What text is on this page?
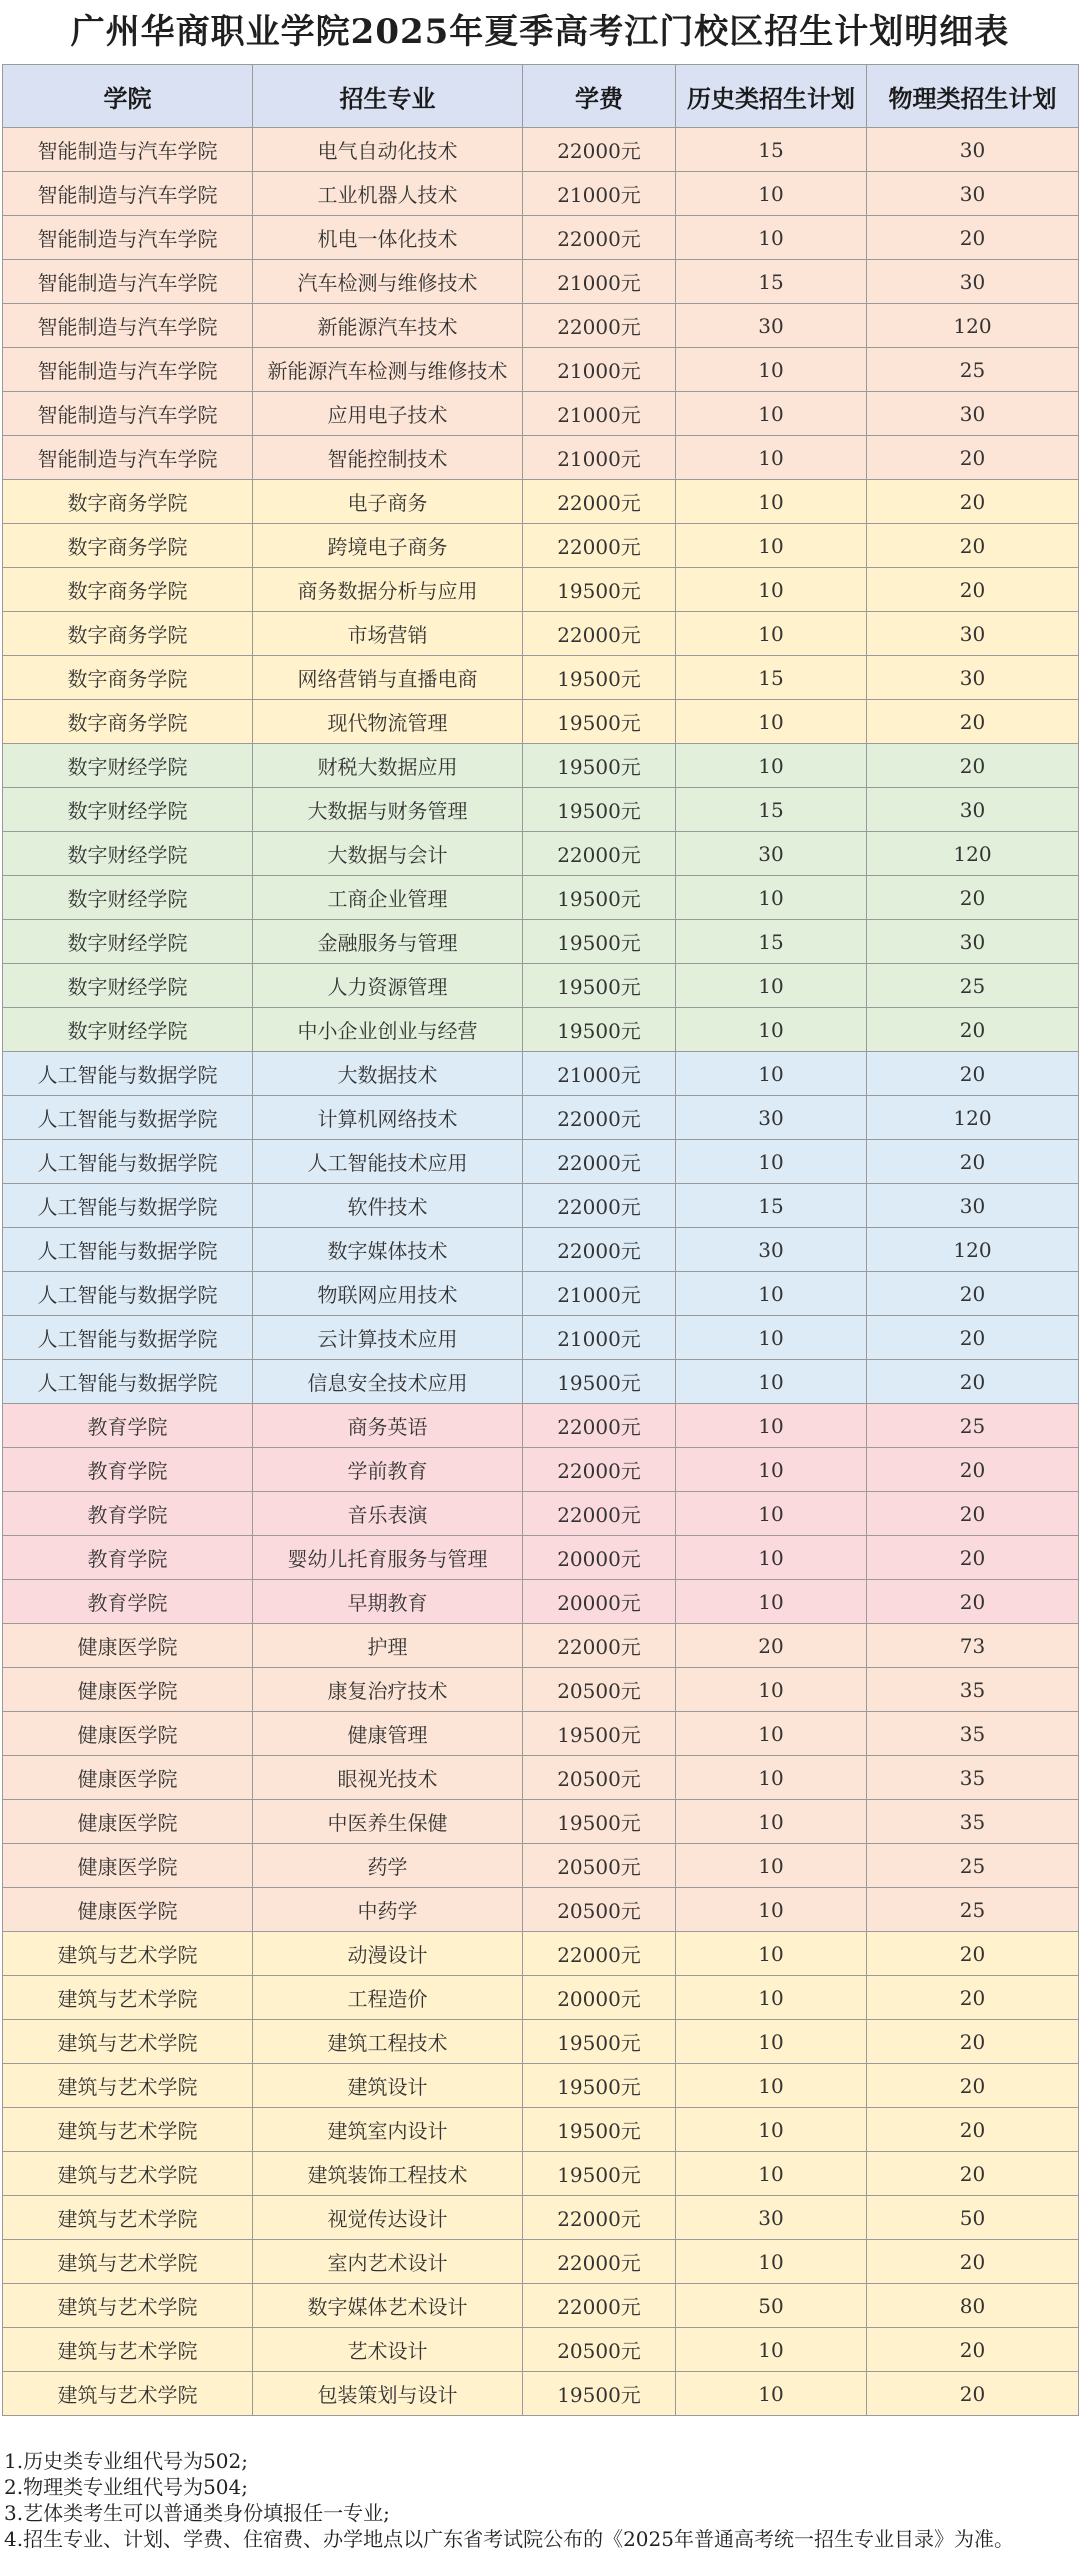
广州华商职业学院2025年夏季高考江门校区招生计划明细表
学院	招生专业	学费	历史类招生计划	物理类招生计划
智能制造与汽车学院	电气自动化技术	22000元	15	30
智能制造与汽车学院	工业机器人技术	21000元	10	30
智能制造与汽车学院	机电一体化技术	22000元	10	20
智能制造与汽车学院	汽车检测与维修技术	21000元	15	30
智能制造与汽车学院	新能源汽车技术	22000元	30	120
智能制造与汽车学院	新能源汽车检测与维修技术	21000元	10	25
智能制造与汽车学院	应用电子技术	21000元	10	30
智能制造与汽车学院	智能控制技术	21000元	10	20
数字商务学院	电子商务	22000元	10	20
数字商务学院	跨境电子商务	22000元	10	20
数字商务学院	商务数据分析与应用	19500元	10	20
数字商务学院	市场营销	22000元	10	30
数字商务学院	网络营销与直播电商	19500元	15	30
数字商务学院	现代物流管理	19500元	10	20
数字财经学院	财税大数据应用	19500元	10	20
数字财经学院	大数据与财务管理	19500元	15	30
数字财经学院	大数据与会计	22000元	30	120
数字财经学院	工商企业管理	19500元	10	20
数字财经学院	金融服务与管理	19500元	15	30
数字财经学院	人力资源管理	19500元	10	25
数字财经学院	中小企业创业与经营	19500元	10	20
人工智能与数据学院	大数据技术	21000元	10	20
人工智能与数据学院	计算机网络技术	22000元	30	120
人工智能与数据学院	人工智能技术应用	22000元	10	20
人工智能与数据学院	软件技术	22000元	15	30
人工智能与数据学院	数字媒体技术	22000元	30	120
人工智能与数据学院	物联网应用技术	21000元	10	20
人工智能与数据学院	云计算技术应用	21000元	10	20
人工智能与数据学院	信息安全技术应用	19500元	10	20
教育学院	商务英语	22000元	10	25
教育学院	学前教育	22000元	10	20
教育学院	音乐表演	22000元	10	20
教育学院	婴幼儿托育服务与管理	20000元	10	20
教育学院	早期教育	20000元	10	20
健康医学院	护理	22000元	20	73
健康医学院	康复治疗技术	20500元	10	35
健康医学院	健康管理	19500元	10	35
健康医学院	眼视光技术	20500元	10	35
健康医学院	中医养生保健	19500元	10	35
健康医学院	药学	20500元	10	25
健康医学院	中药学	20500元	10	25
建筑与艺术学院	动漫设计	22000元	10	20
建筑与艺术学院	工程造价	20000元	10	20
建筑与艺术学院	建筑工程技术	19500元	10	20
建筑与艺术学院	建筑设计	19500元	10	20
建筑与艺术学院	建筑室内设计	19500元	10	20
建筑与艺术学院	建筑装饰工程技术	19500元	10	20
建筑与艺术学院	视觉传达设计	22000元	30	50
建筑与艺术学院	室内艺术设计	22000元	10	20
建筑与艺术学院	数字媒体艺术设计	22000元	50	80
建筑与艺术学院	艺术设计	20500元	10	20
建筑与艺术学院	包装策划与设计	19500元	10	20
1.历史类专业组代号为502;
2.物理类专业组代号为504;
3.艺体类考生可以普通类身份填报任一专业;
4.招生专业、计划、学费、住宿费、办学地点以广东省考试院公布的《2025年普通高考统一招生专业目录》为准。
